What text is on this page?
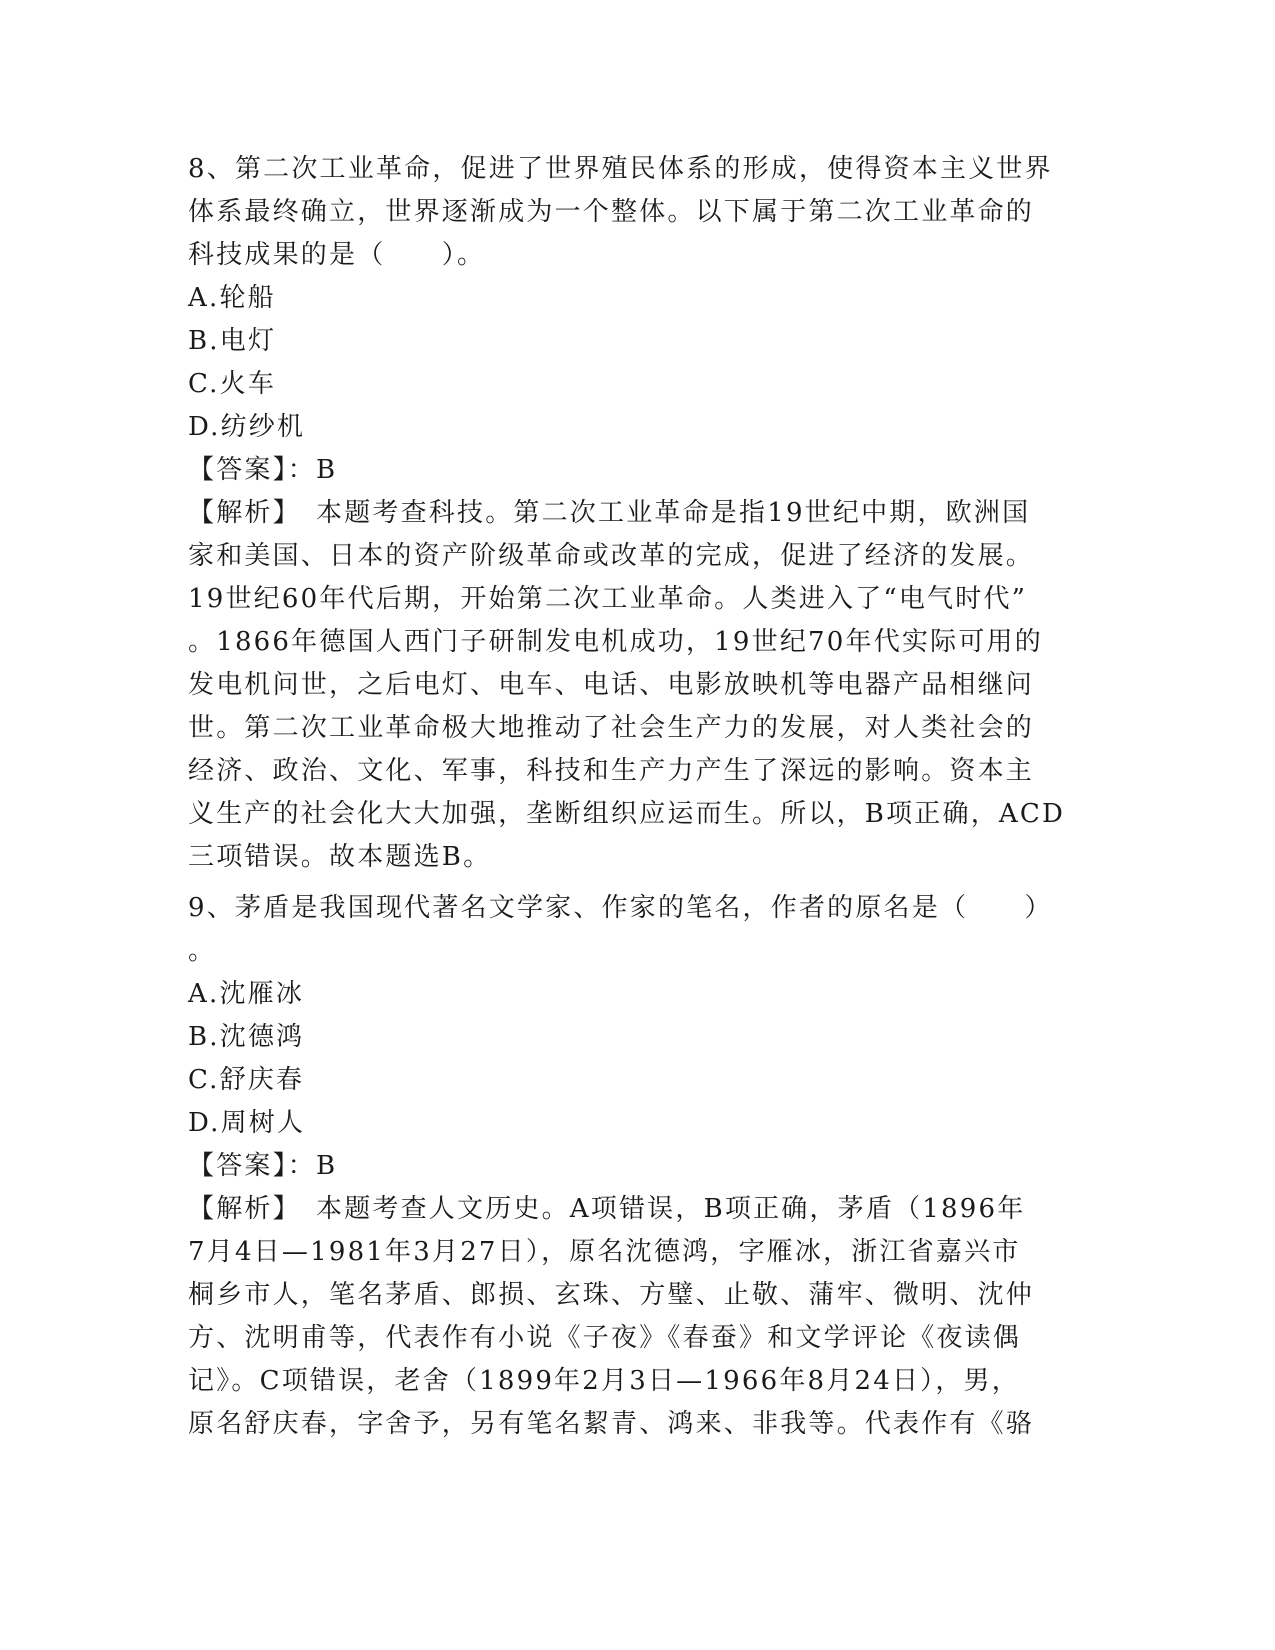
8、第二次工业革命，促进了世界殖民体系的形成，使得资本主义世界
体系最终确立，世界逐渐成为一个整体。以下属于第二次工业革命的
科技成果的是（　　）。
A.轮船
B.电灯
C.火车
D.纺纱机
【答案】：B
【解析】　本题考查科技。第二次工业革命是指19世纪中期，欧洲国
家和美国、日本的资产阶级革命或改革的完成，促进了经济的发展。
19世纪60年代后期，开始第二次工业革命。人类进入了“电气时代”
。1866年德国人西门子研制发电机成功，19世纪70年代实际可用的
发电机问世，之后电灯、电车、电话、电影放映机等电器产品相继问
世。第二次工业革命极大地推动了社会生产力的发展，对人类社会的
经济、政治、文化、军事，科技和生产力产生了深远的影响。资本主
义生产的社会化大大加强，垄断组织应运而生。所以，B项正确，ACD
三项错误。故本题选B。
9、茅盾是我国现代著名文学家、作家的笔名，作者的原名是（　　）
。
A.沈雁冰
B.沈德鸿
C.舒庆春
D.周树人
【答案】：B
【解析】　本题考查人文历史。A项错误，B项正确，茅盾（1896年
7月4日—1981年3月27日），原名沈德鸿，字雁冰，浙江省嘉兴市
桐乡市人，笔名茅盾、郎损、玄珠、方璧、止敬、蒲牢、微明、沈仲
方、沈明甫等，代表作有小说《子夜》《春蚕》和文学评论《夜读偶
记》。C项错误，老舍（1899年2月3日—1966年8月24日），男，
原名舒庆春，字舍予，另有笔名絜青、鸿来、非我等。代表作有《骆
